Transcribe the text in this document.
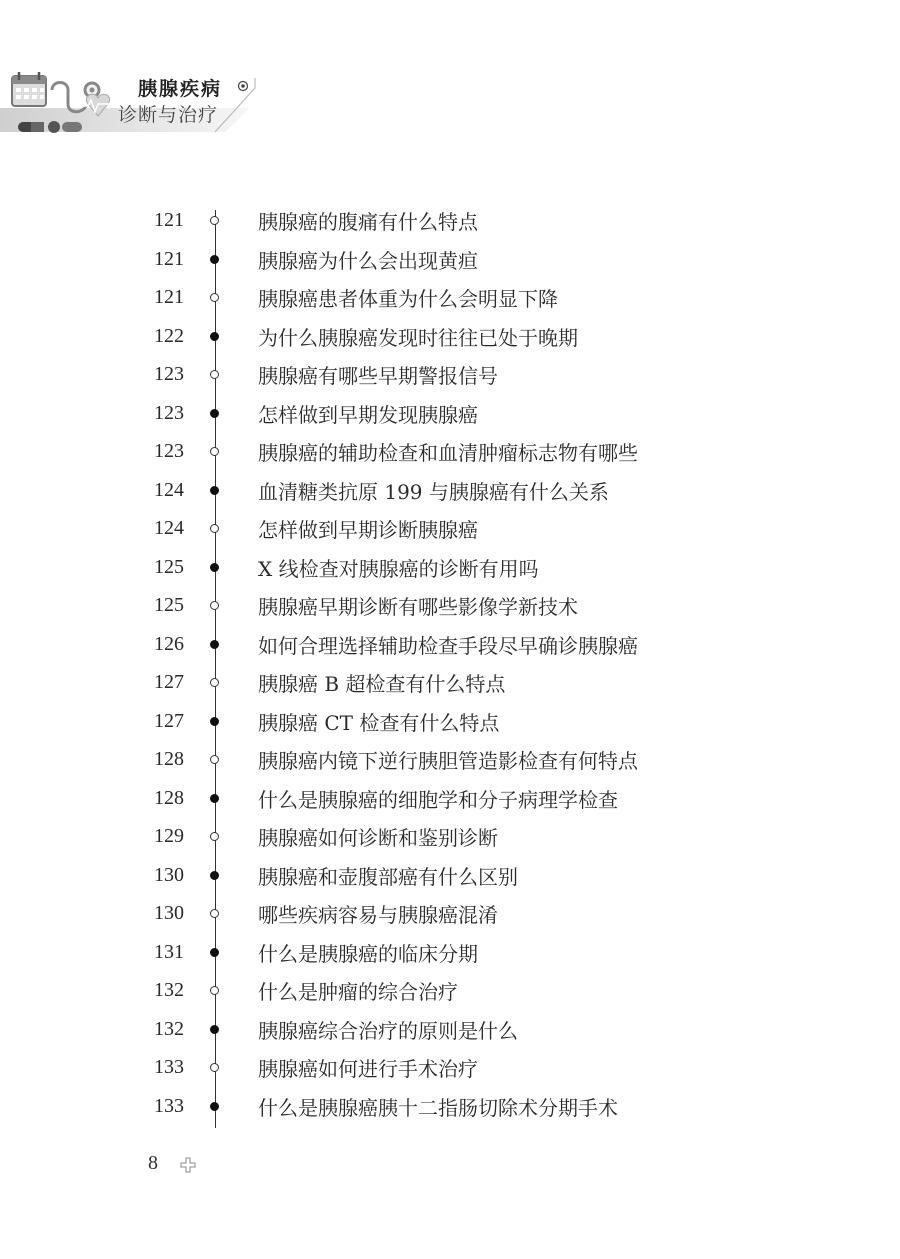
胰腺疾病
诊断与治疗
121	胰腺癌的腹痛有什么特点
121	胰腺癌为什么会出现黄疸
121	胰腺癌患者体重为什么会明显下降
122	为什么胰腺癌发现时往往已处于晚期
123	胰腺癌有哪些早期警报信号
123	怎样做到早期发现胰腺癌
123	胰腺癌的辅助检查和血清肿瘤标志物有哪些
124	血清糖类抗原 199 与胰腺癌有什么关系
124	怎样做到早期诊断胰腺癌
125	X 线检查对胰腺癌的诊断有用吗
125	胰腺癌早期诊断有哪些影像学新技术
126	如何合理选择辅助检查手段尽早确诊胰腺癌
127	胰腺癌 B 超检查有什么特点
127	胰腺癌 CT 检查有什么特点
128	胰腺癌内镜下逆行胰胆管造影检查有何特点
128	什么是胰腺癌的细胞学和分子病理学检查
129	胰腺癌如何诊断和鉴别诊断
130	胰腺癌和壶腹部癌有什么区别
130	哪些疾病容易与胰腺癌混淆
131	什么是胰腺癌的临床分期
132	什么是肿瘤的综合治疗
132	胰腺癌综合治疗的原则是什么
133	胰腺癌如何进行手术治疗
133	什么是胰腺癌胰十二指肠切除术分期手术
8
